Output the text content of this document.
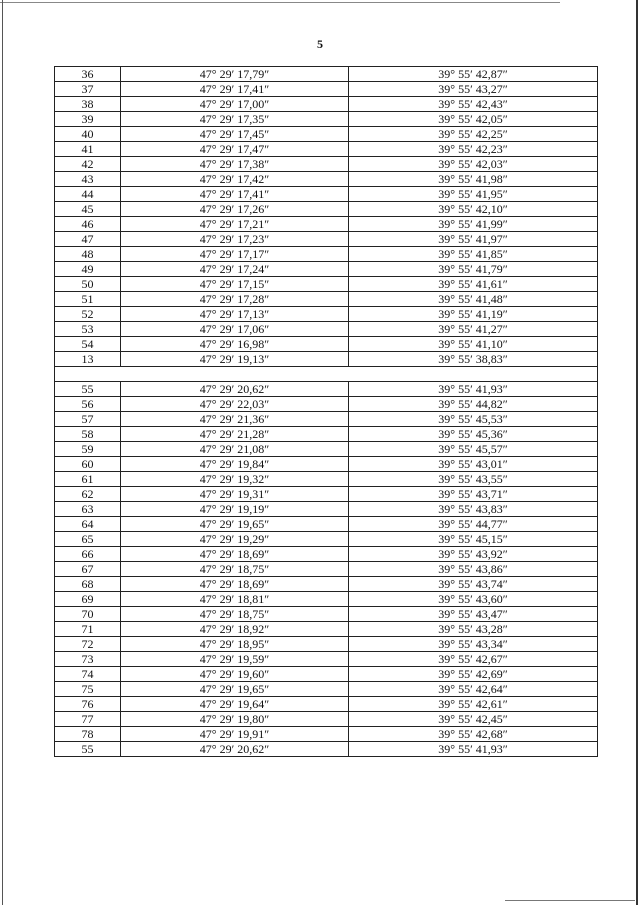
5
36	47° 29′ 17,79″	39° 55′ 42,87″
37	47° 29′ 17,41″	39° 55′ 43,27″
38	47° 29′ 17,00″	39° 55′ 42,43″
39	47° 29′ 17,35″	39° 55′ 42,05″
40	47° 29′ 17,45″	39° 55′ 42,25″
41	47° 29′ 17,47″	39° 55′ 42,23″
42	47° 29′ 17,38″	39° 55′ 42,03″
43	47° 29′ 17,42″	39° 55′ 41,98″
44	47° 29′ 17,41″	39° 55′ 41,95″
45	47° 29′ 17,26″	39° 55′ 42,10″
46	47° 29′ 17,21″	39° 55′ 41,99″
47	47° 29′ 17,23″	39° 55′ 41,97″
48	47° 29′ 17,17″	39° 55′ 41,85″
49	47° 29′ 17,24″	39° 55′ 41,79″
50	47° 29′ 17,15″	39° 55′ 41,61″
51	47° 29′ 17,28″	39° 55′ 41,48″
52	47° 29′ 17,13″	39° 55′ 41,19″
53	47° 29′ 17,06″	39° 55′ 41,27″
54	47° 29′ 16,98″	39° 55′ 41,10″
13	47° 29′ 19,13″	39° 55′ 38,83″

55	47° 29′ 20,62″	39° 55′ 41,93″
56	47° 29′ 22,03″	39° 55′ 44,82″
57	47° 29′ 21,36″	39° 55′ 45,53″
58	47° 29′ 21,28″	39° 55′ 45,36″
59	47° 29′ 21,08″	39° 55′ 45,57″
60	47° 29′ 19,84″	39° 55′ 43,01″
61	47° 29′ 19,32″	39° 55′ 43,55″
62	47° 29′ 19,31″	39° 55′ 43,71″
63	47° 29′ 19,19″	39° 55′ 43,83″
64	47° 29′ 19,65″	39° 55′ 44,77″
65	47° 29′ 19,29″	39° 55′ 45,15″
66	47° 29′ 18,69″	39° 55′ 43,92″
67	47° 29′ 18,75″	39° 55′ 43,86″
68	47° 29′ 18,69″	39° 55′ 43,74″
69	47° 29′ 18,81″	39° 55′ 43,60″
70	47° 29′ 18,75″	39° 55′ 43,47″
71	47° 29′ 18,92″	39° 55′ 43,28″
72	47° 29′ 18,95″	39° 55′ 43,34″
73	47° 29′ 19,59″	39° 55′ 42,67″
74	47° 29′ 19,60″	39° 55′ 42,69″
75	47° 29′ 19,65″	39° 55′ 42,64″
76	47° 29′ 19,64″	39° 55′ 42,61″
77	47° 29′ 19,80″	39° 55′ 42,45″
78	47° 29′ 19,91″	39° 55′ 42,68″
55	47° 29′ 20,62″	39° 55′ 41,93″
